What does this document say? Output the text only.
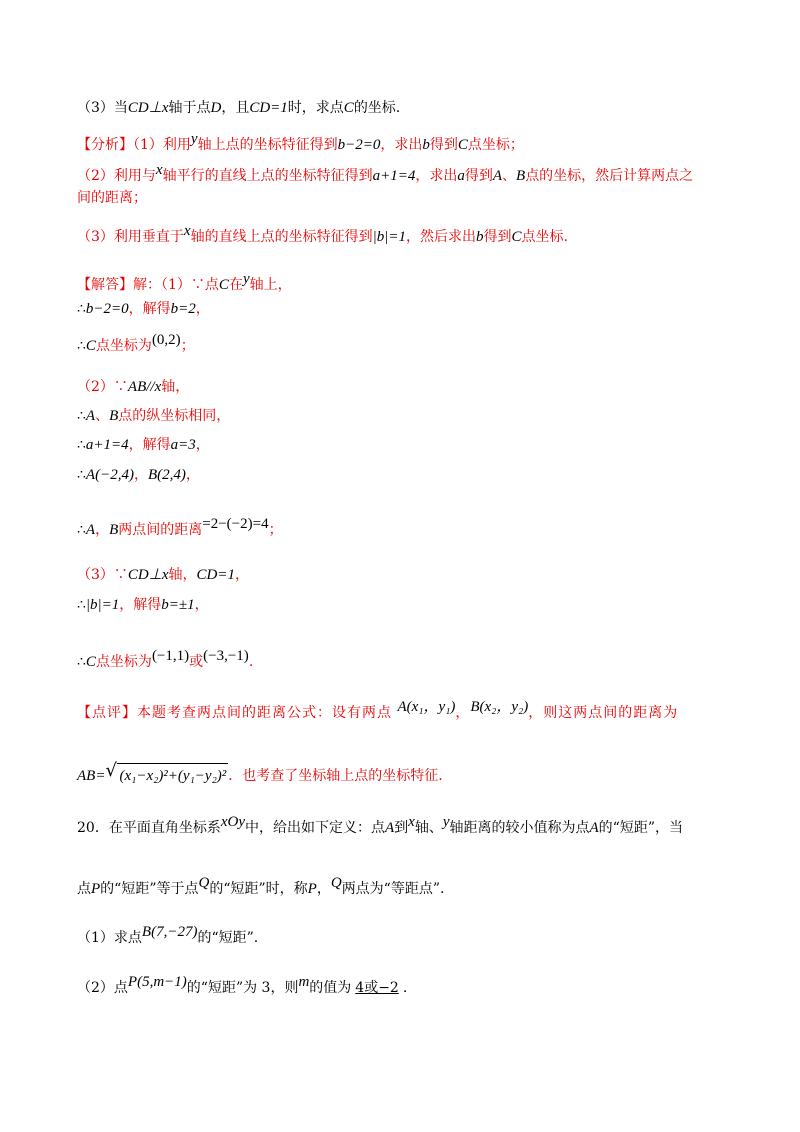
（3）当CD⊥x轴于点D，且CD=1时，求点C的坐标.
【分析】（1）利用y轴上点的坐标特征得到b−2=0，求出b得到C点坐标；
（2）利用与x轴平行的直线上点的坐标特征得到a+1=4，求出a得到A、B点的坐标，然后计算两点之
间的距离；
（3）利用垂直于x轴的直线上点的坐标特征得到|b|=1，然后求出b得到C点坐标.
【解答】解：（1）∵点C在y轴上，
∴b−2=0，解得b=2，
∴C点坐标为(0,2)；
（2）∵AB//x轴，
∴A、B点的纵坐标相同，
∴a+1=4，解得a=3，
∴A(−2,4)，B(2,4)，
∴A，B两点间的距离=2−(−2)=4；
（3）∵CD⊥x轴，CD=1，
∴|b|=1，解得b=±1，
∴C点坐标为(−1,1)或(−3,−1).
【点评】本题考查两点间的距离公式：设有两点 A(x₁，y₁)，B(x₂，y₂)，则这两点间的距离为
AB= √ (x₁−x₂)²+(y₁−y₂)² ．也考查了坐标轴上点的坐标特征.
20．在平面直角坐标系xOy中，给出如下定义：点A到x轴、y轴距离的较小值称为点A的“短距”，当
点P的“短距”等于点Q的“短距”时，称P，Q两点为“等距点”.
（1）求点B(7,−27)的“短距”.
（2）点P(5,m−1)的“短距”为 3，则m的值为 4或−2 .
